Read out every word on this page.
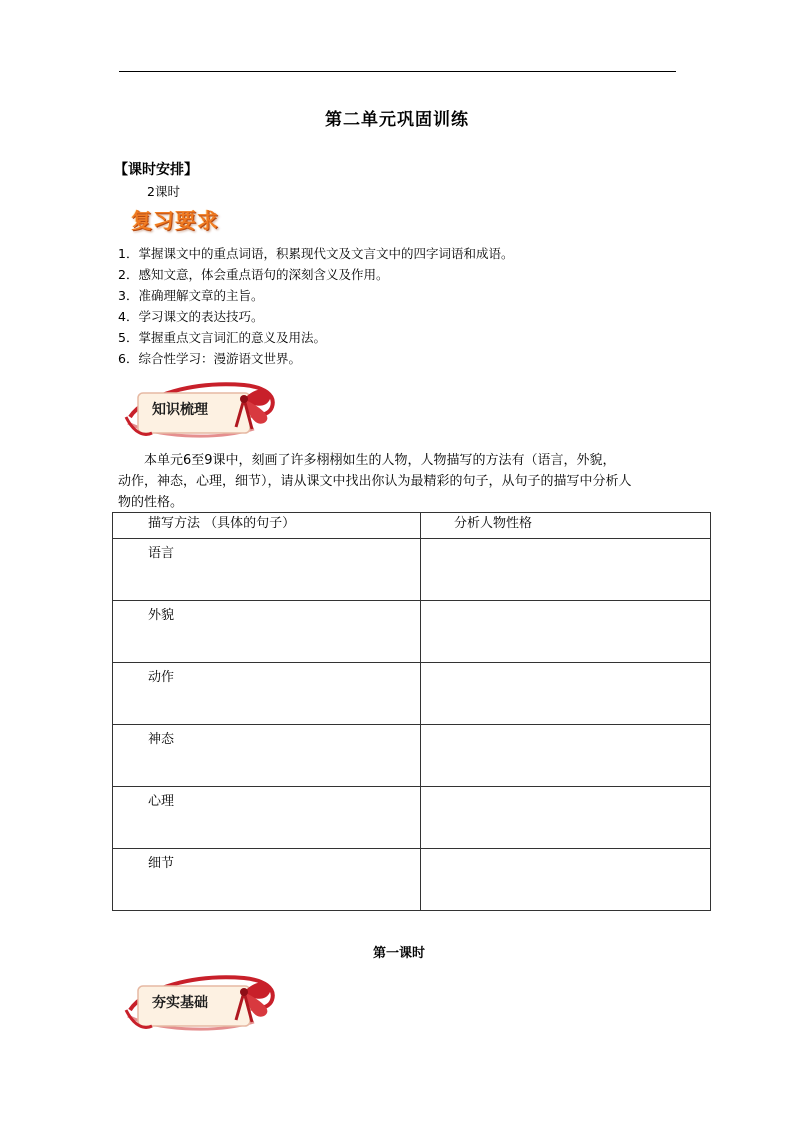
第二单元巩固训练
【课时安排】
2课时
复习要求
1．掌握课文中的重点词语，积累现代文及文言文中的四字词语和成语。
2．感知文意，体会重点语句的深刻含义及作用。
3．准确理解文章的主旨。
4．学习课文的表达技巧。
5．掌握重点文言词汇的意义及用法。
6．综合性学习：漫游语文世界。
知识梳理

　　本单元6至9课中，刻画了许多栩栩如生的人物，人物描写的方法有（语言，外貌，
动作，神态，心理，细节），请从课文中找出你认为最精彩的句子，从句子的描写中分析人
物的性格。

描写方法 （具体的句子）	分析人物性格
语言	
外貌	
动作	
神态	
心理	
细节	
第一课时
夯实基础
